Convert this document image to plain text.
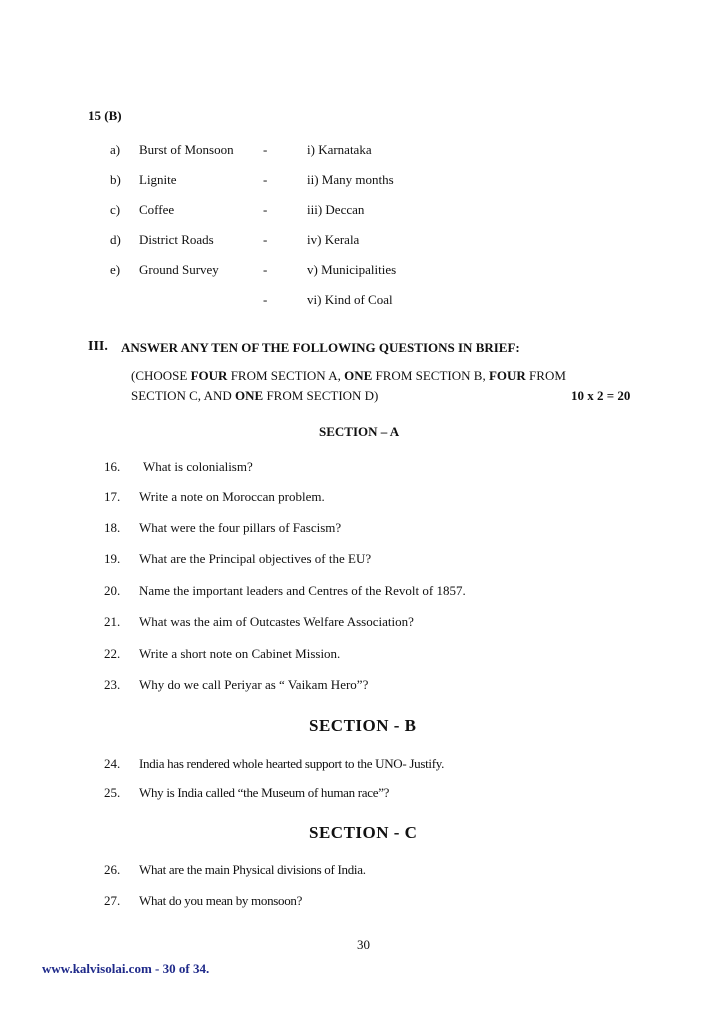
15 (B)
a) Burst of Monsoon -	i) Karnataka
b) Lignite	-	ii) Many months
c) Coffee	-	iii) Deccan
d) District Roads	-	iv) Kerala
e) Ground Survey	-	v) Municipalities
-	vi) Kind of Coal
III. ANSWER ANY TEN OF THE FOLLOWING QUESTIONS IN BRIEF:
(CHOOSE FOUR FROM SECTION A, ONE FROM SECTION B, FOUR FROM
SECTION C, AND ONE FROM SECTION D)	10 x 2 = 20
SECTION – A
16. What is colonialism?
17. Write a note on Moroccan problem.
18. What were the four pillars of Fascism?
19. What are the Principal objectives of the EU?
20. Name the important leaders and Centres of the Revolt of 1857.
21. What was the aim of Outcastes Welfare Association?
22. Write a short note on Cabinet Mission.
23. Why do we call Periyar as “ Vaikam Hero”?
SECTION - B
24. India has rendered whole hearted support to the UNO- Justify.
25. Why is India called “the Museum of human race”?
SECTION - C
26. What are the main Physical divisions of India.
27. What do you mean by monsoon?
30
www.kalvisolai.com - 30 of 34.
